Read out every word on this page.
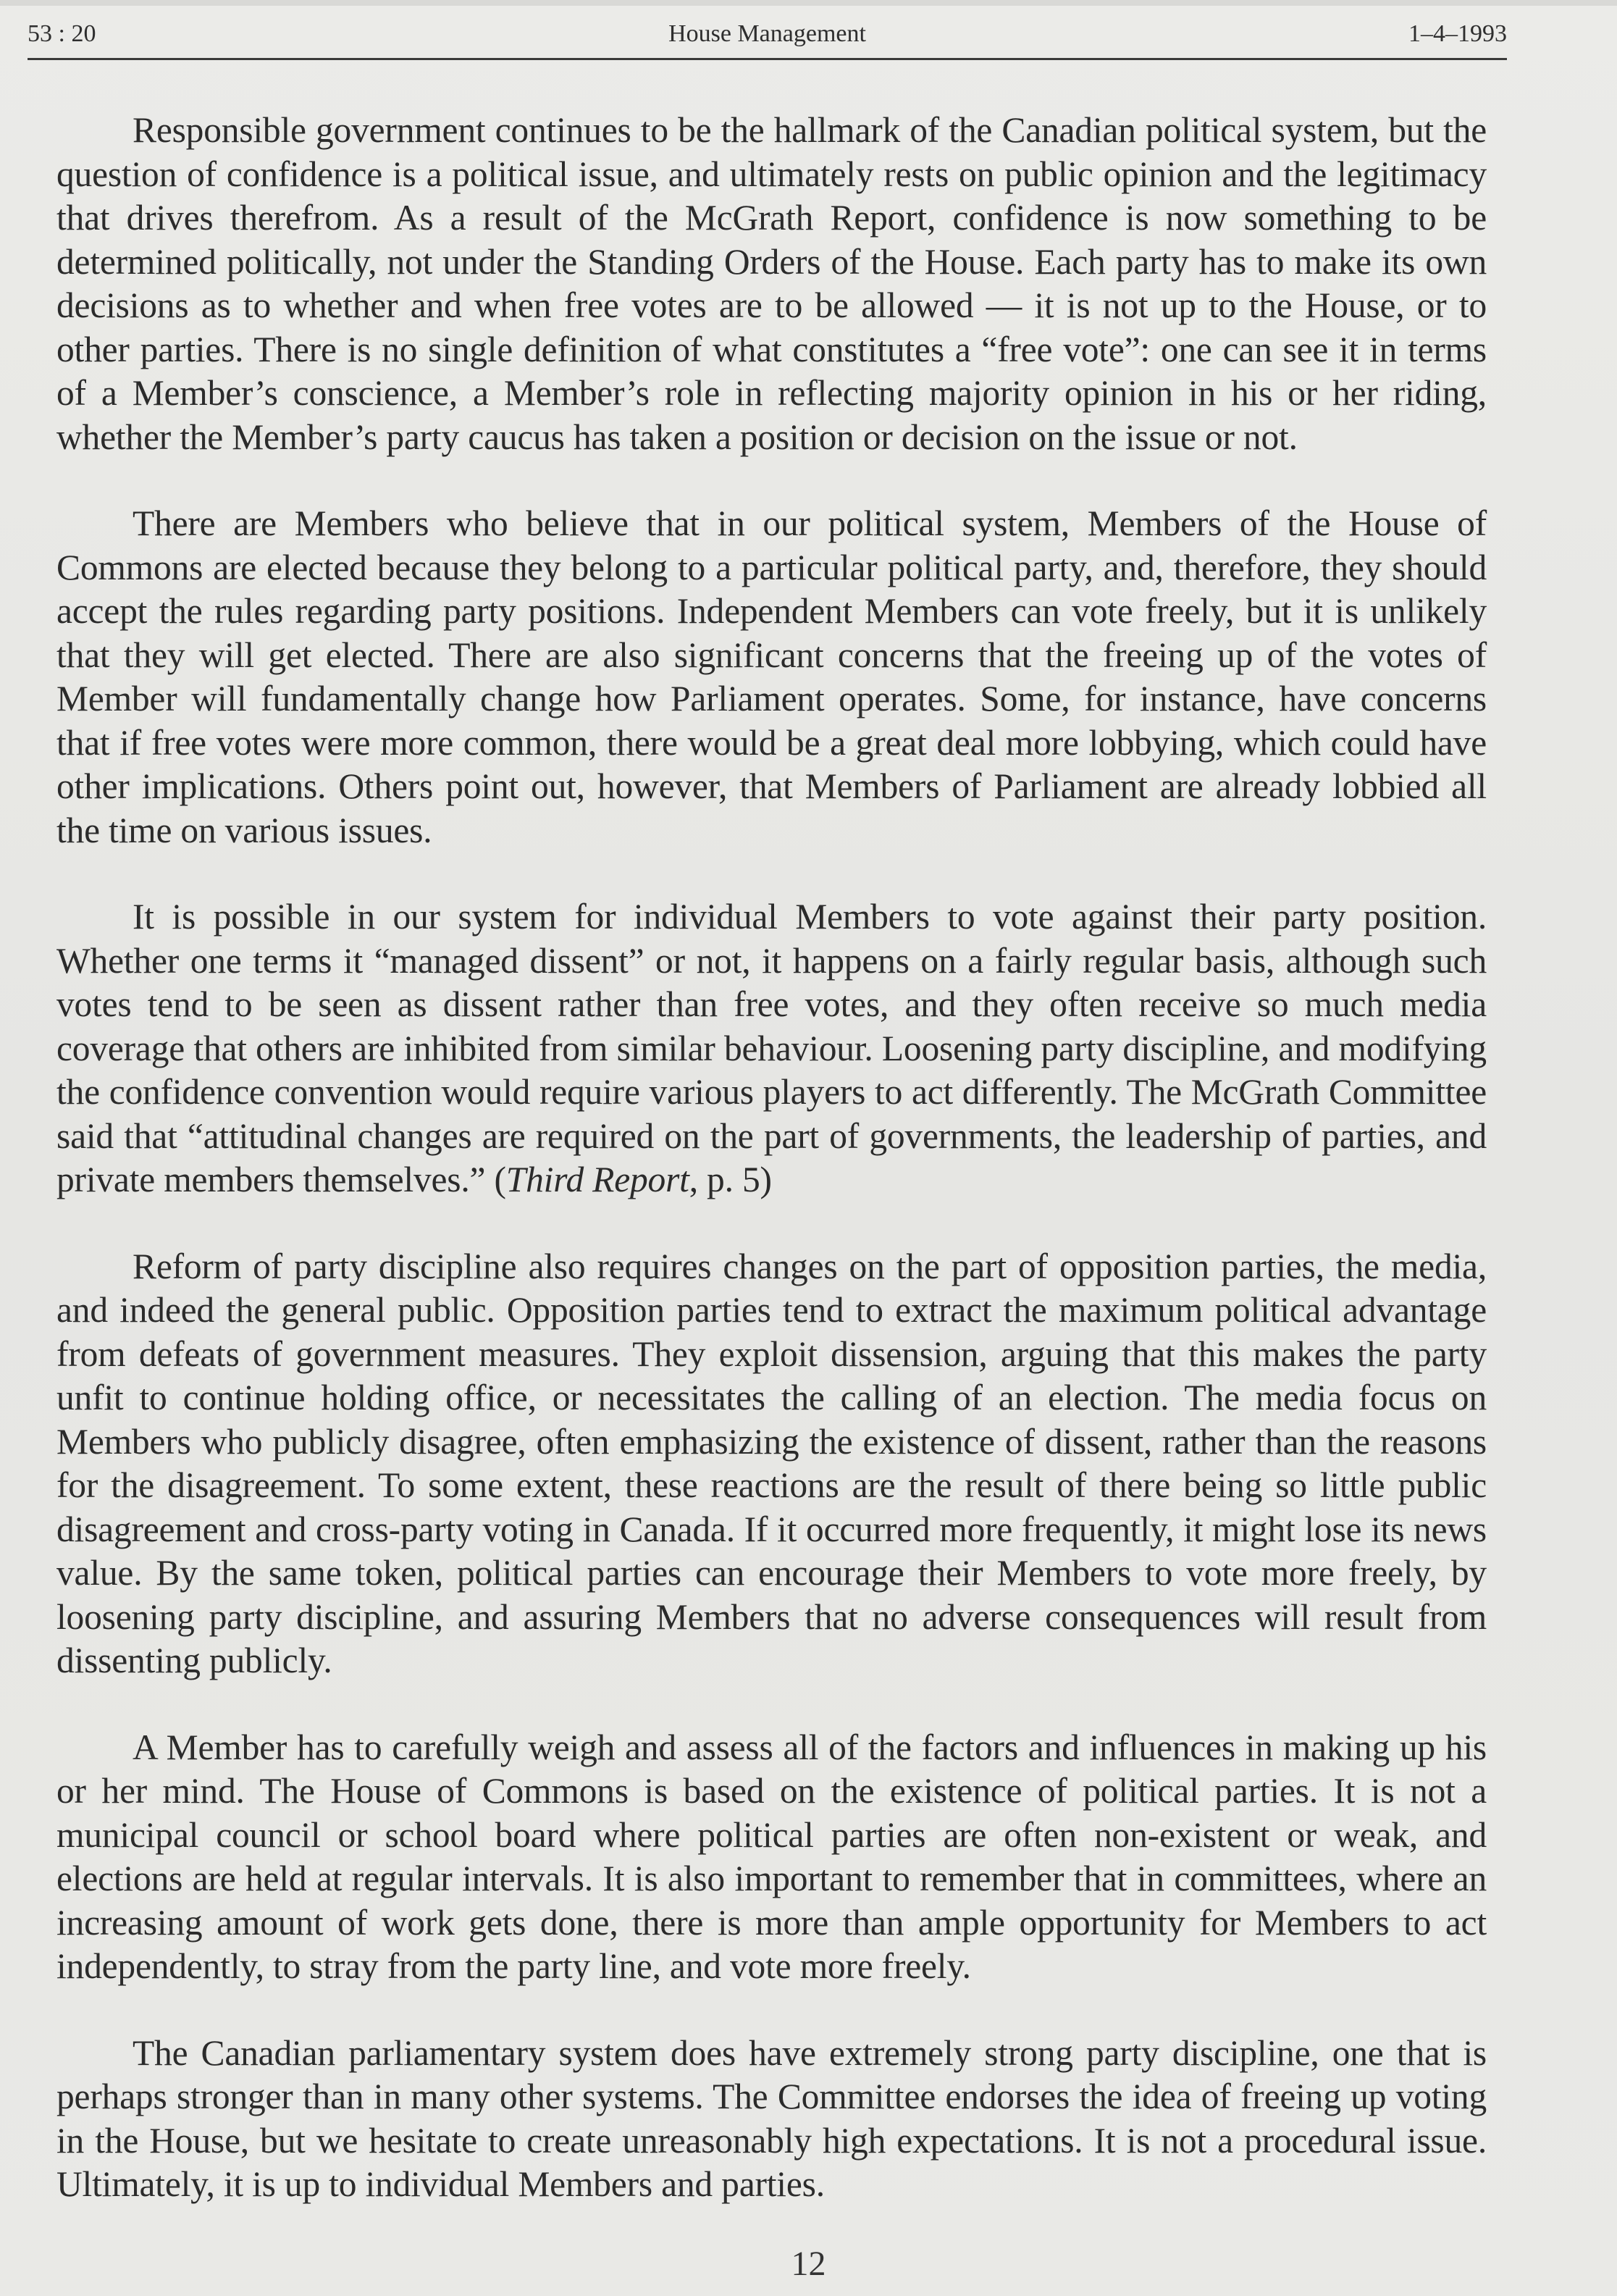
53 : 20	House Management	1–4–1993

Responsible government continues to be the hallmark of the Canadian political system, but the question of confidence is a political issue, and ultimately rests on public opinion and the legitimacy that drives therefrom. As a result of the McGrath Report, confidence is now something to be determined politically, not under the Standing Orders of the House. Each party has to make its own decisions as to whether and when free votes are to be allowed — it is not up to the House, or to other parties. There is no single definition of what constitutes a “free vote”: one can see it in terms of a Member’s conscience, a Member’s role in reflecting majority opinion in his or her riding, whether the Member’s party caucus has taken a position or decision on the issue or not.

There are Members who believe that in our political system, Members of the House of Commons are elected because they belong to a particular political party, and, therefore, they should accept the rules regarding party positions. Independent Members can vote freely, but it is unlikely that they will get elected. There are also significant concerns that the freeing up of the votes of Member will fundamentally change how Parliament operates. Some, for instance, have concerns that if free votes were more common, there would be a great deal more lobbying, which could have other implications. Others point out, however, that Members of Parliament are already lobbied all the time on various issues.

It is possible in our system for individual Members to vote against their party position. Whether one terms it “managed dissent” or not, it happens on a fairly regular basis, although such votes tend to be seen as dissent rather than free votes, and they often receive so much media coverage that others are inhibited from similar behaviour. Loosening party discipline, and modifying the confidence convention would require various players to act differently. The McGrath Committee said that “attitudinal changes are required on the part of governments, the leadership of parties, and private members themselves.” (Third Report, p. 5)

Reform of party discipline also requires changes on the part of opposition parties, the media, and indeed the general public. Opposition parties tend to extract the maximum political advantage from defeats of government measures. They exploit dissension, arguing that this makes the party unfit to continue holding office, or necessitates the calling of an election. The media focus on Members who publicly disagree, often emphasizing the existence of dissent, rather than the reasons for the disagreement. To some extent, these reactions are the result of there being so little public disagreement and cross-party voting in Canada. If it occurred more frequently, it might lose its news value. By the same token, political parties can encourage their Members to vote more freely, by loosening party discipline, and assuring Members that no adverse consequences will result from dissenting publicly.

A Member has to carefully weigh and assess all of the factors and influences in making up his or her mind. The House of Commons is based on the existence of political parties. It is not a municipal council or school board where political parties are often non-existent or weak, and elections are held at regular intervals. It is also important to remember that in committees, where an increasing amount of work gets done, there is more than ample opportunity for Members to act independently, to stray from the party line, and vote more freely.

The Canadian parliamentary system does have extremely strong party discipline, one that is perhaps stronger than in many other systems. The Committee endorses the idea of freeing up voting in the House, but we hesitate to create unreasonably high expectations. It is not a procedural issue. Ultimately, it is up to individual Members and parties.

12
